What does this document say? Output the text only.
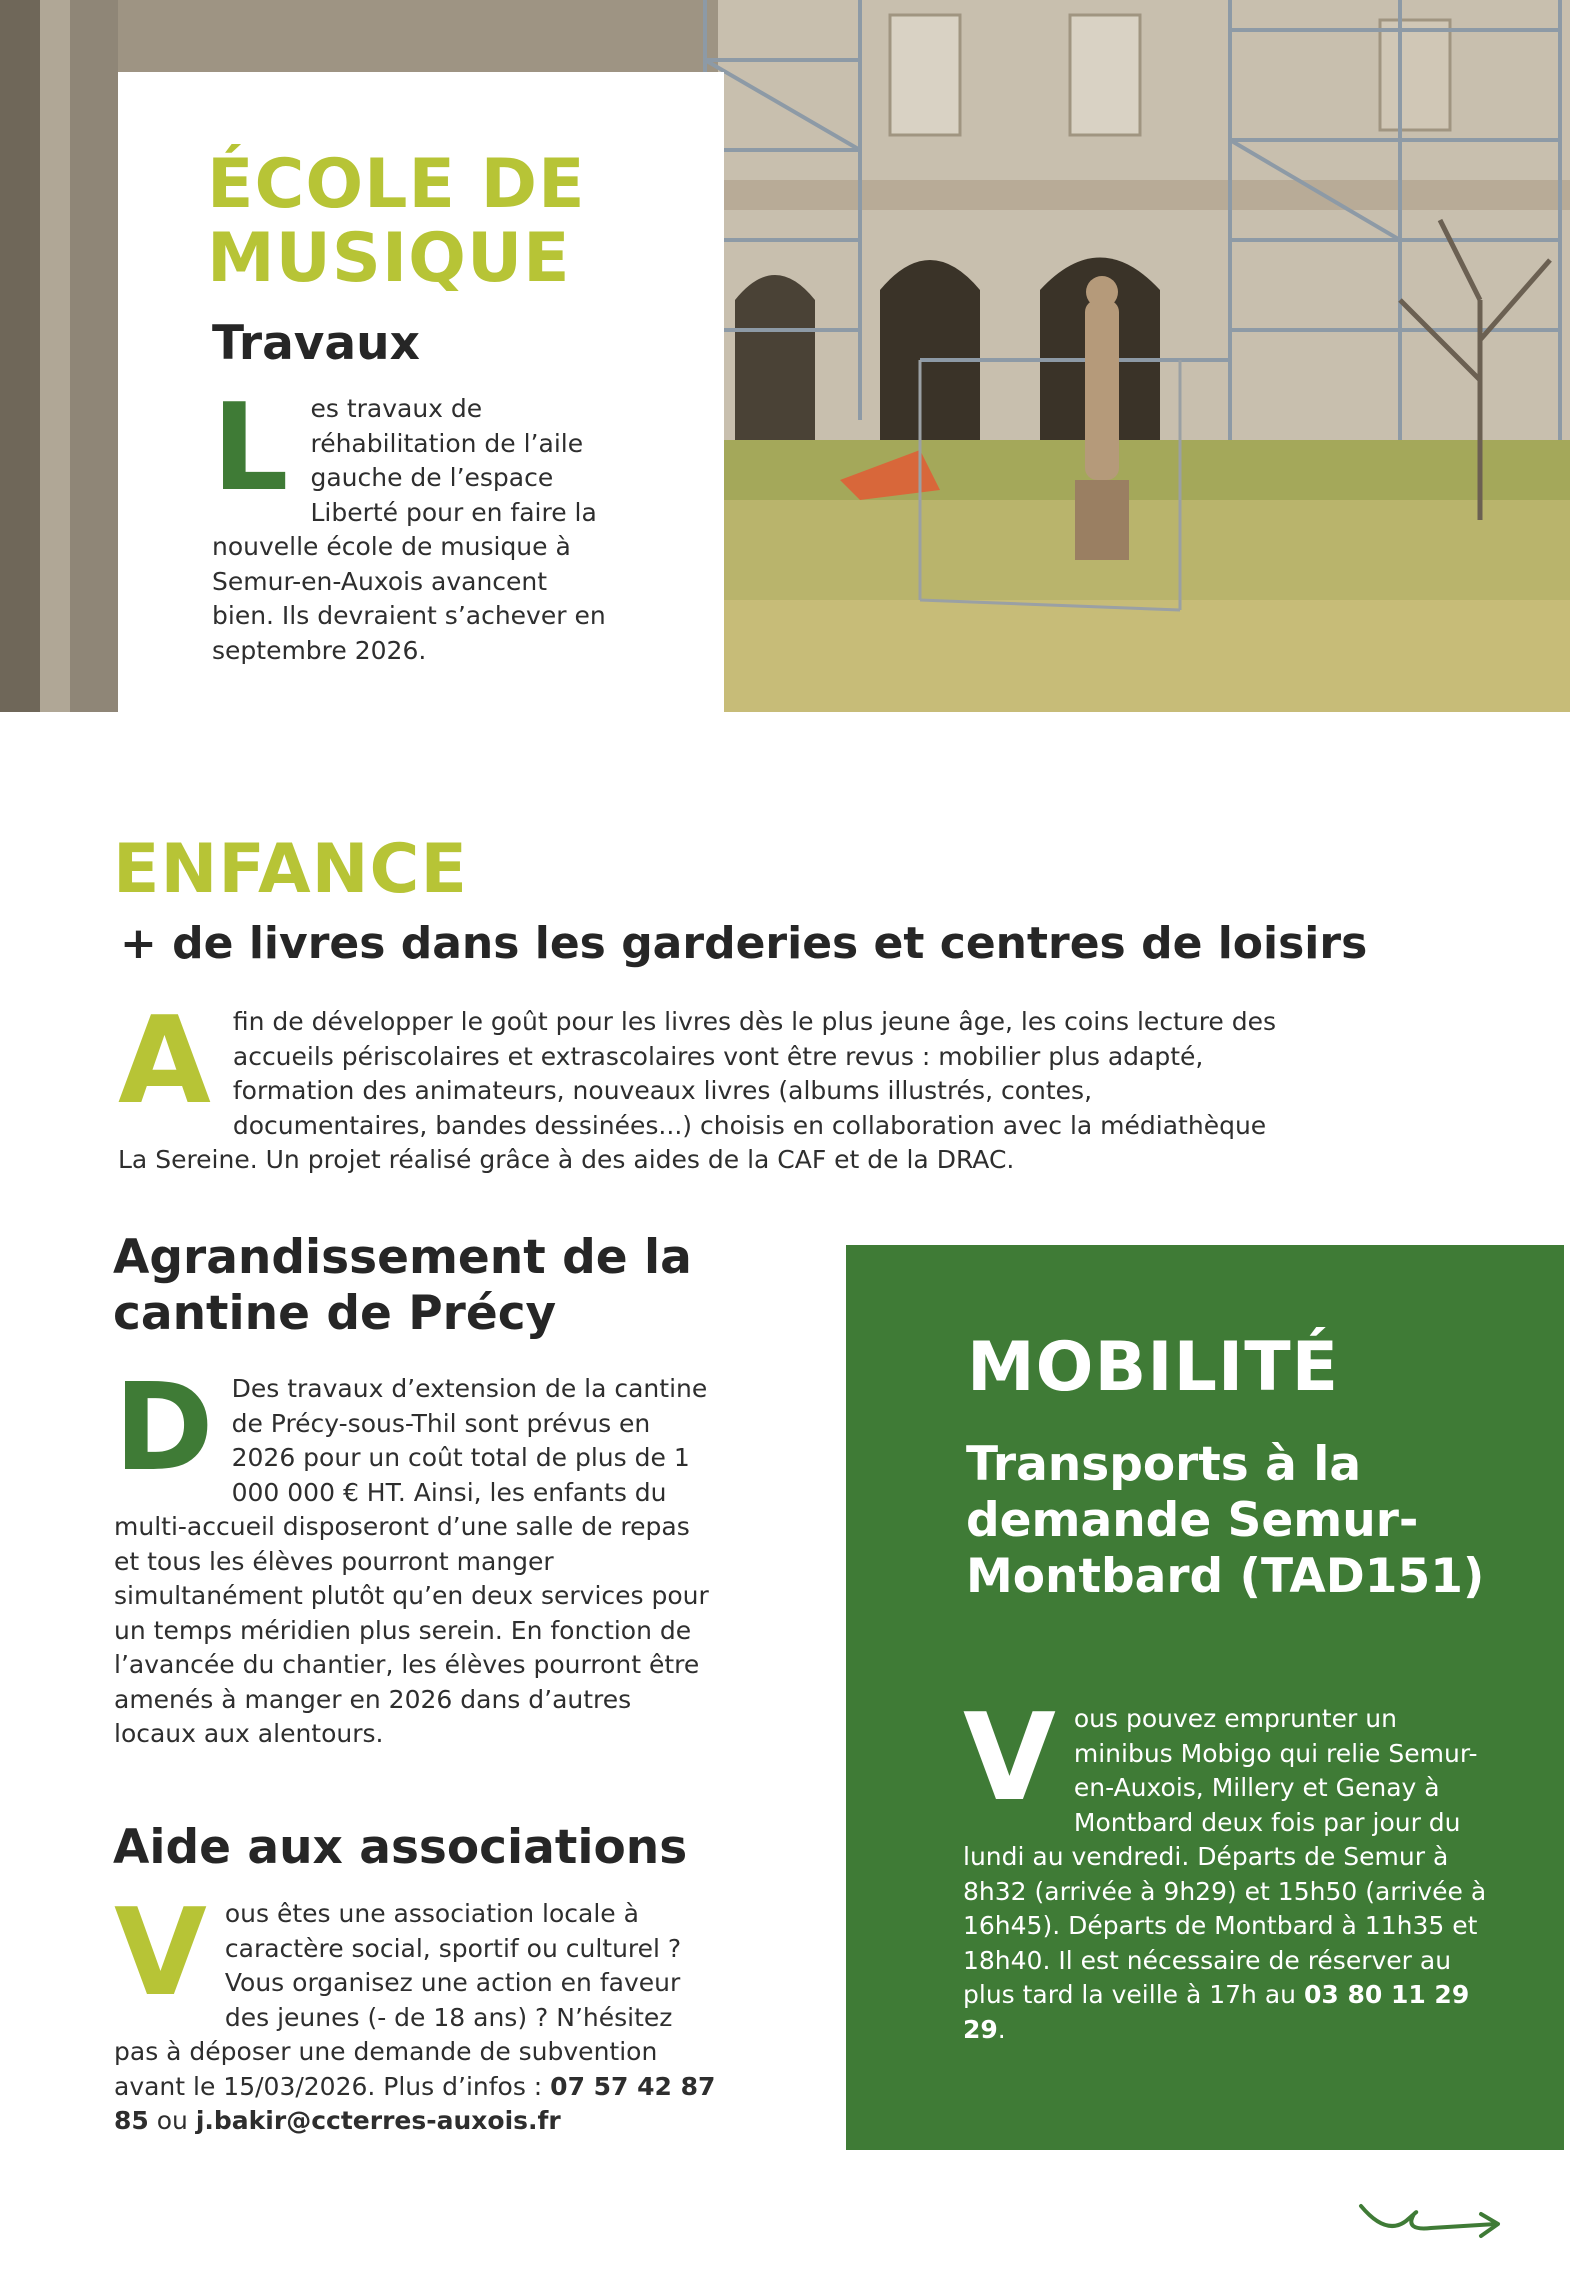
ÉCOLE DE
MUSIQUE
Travaux
L es travaux de réhabilitation de l’aile gauche de l’espace Liberté pour en faire la nouvelle école de musique à Semur-en-Auxois avancent bien. Ils devraient s’achever en septembre 2026.
ENFANCE
+ de livres dans les garderies et centres de loisirs
A fin de développer le goût pour les livres dès le plus jeune âge, les coins lecture des accueils périscolaires et extrascolaires vont être revus : mobilier plus adapté, formation des animateurs, nouveaux livres (albums illustrés, contes, documentaires, bandes dessinées...) choisis en collaboration avec la médiathèque La Sereine. Un projet réalisé grâce à des aides de la CAF et de la DRAC.
Agrandissement de la cantine de Précy
D Des travaux d’extension de la cantine de Précy-sous-Thil sont prévus en 2026 pour un coût total de plus de 1 000 000 € HT. Ainsi, les enfants du multi-accueil disposeront d’une salle de repas et tous les élèves pourront manger simultanément plutôt qu’en deux services pour un temps méridien plus serein. En fonction de l’avancée du chantier, les élèves pourront être amenés à manger en 2026 dans d’autres locaux aux alentours.
Aide aux associations
V ous êtes une association locale à caractère social, sportif ou culturel ? Vous organisez une action en faveur des jeunes (- de 18 ans) ? N’hésitez pas à déposer une demande de subvention avant le 15/03/2026. Plus d’infos : 07 57 42 87 85 ou j.bakir@ccterres-auxois.fr
MOBILITÉ
Transports à la demande Semur-Montbard (TAD151)
V ous pouvez emprunter un minibus Mobigo qui relie Semur-en-Auxois, Millery et Genay à Montbard deux fois par jour du lundi au vendredi. Départs de Semur à 8h32 (arrivée à 9h29) et 15h50 (arrivée à 16h45). Départs de Montbard à 11h35 et 18h40. Il est nécessaire de réserver au plus tard la veille à 17h au 03 80 11 29 29.
